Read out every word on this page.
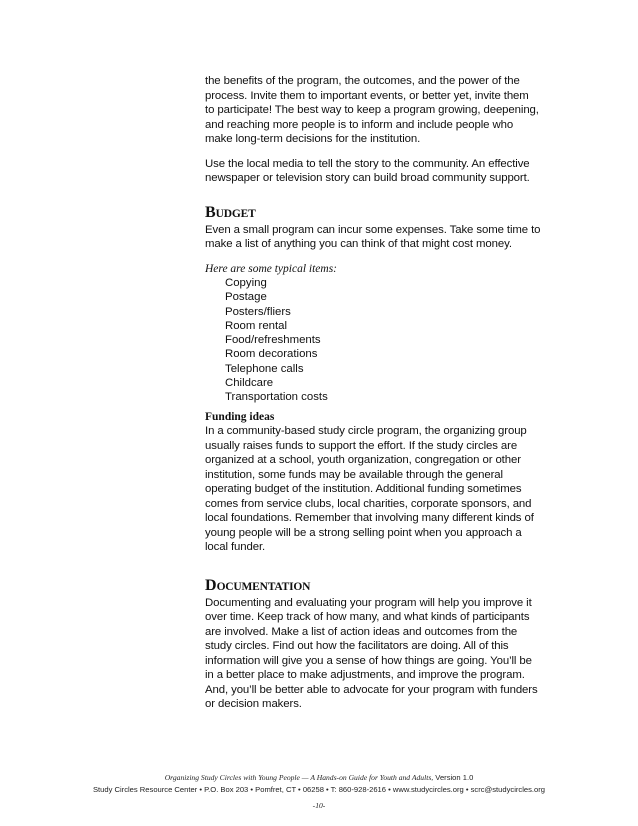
the benefits of the program, the outcomes, and the power of the
process. Invite them to important events, or better yet, invite them
to participate! The best way to keep a program growing, deepening,
and reaching more people is to inform and include people who
make long-term decisions for the institution.
Use the local media to tell the story to the community. An effective
newspaper or television story can build broad community support.
BUDGET
Even a small program can incur some expenses. Take some time to
make a list of anything you can think of that might cost money.

Here are some typical items:

Copying
Postage
Posters/fliers
Room rental
Food/refreshments
Room decorations
Telephone calls
Childcare
Transportation costs

Funding ideas

In a community-based study circle program, the organizing group
usually raises funds to support the effort. If the study circles are
organized at a school, youth organization, congregation or other
institution, some funds may be available through the general
operating budget of the institution. Additional funding sometimes
comes from service clubs, local charities, corporate sponsors, and
local foundations. Remember that involving many different kinds of
young people will be a strong selling point when you approach a
local funder.
DOCUMENTATION
Documenting and evaluating your program will help you improve it
over time. Keep track of how many, and what kinds of participants
are involved. Make a list of action ideas and outcomes from the
study circles. Find out how the facilitators are doing. All of this
information will give you a sense of how things are going. You’ll be
in a better place to make adjustments, and improve the program.
And, you’ll be better able to advocate for your program with funders
or decision makers.
Organizing Study Circles with Young People — A Hands-on Guide for Youth and Adults, Version 1.0
Study Circles Resource Center • P.O. Box 203 • Pomfret, CT • 06258 • T: 860-928-2616 • www.studycircles.org • scrc@studycircles.org
-10-
